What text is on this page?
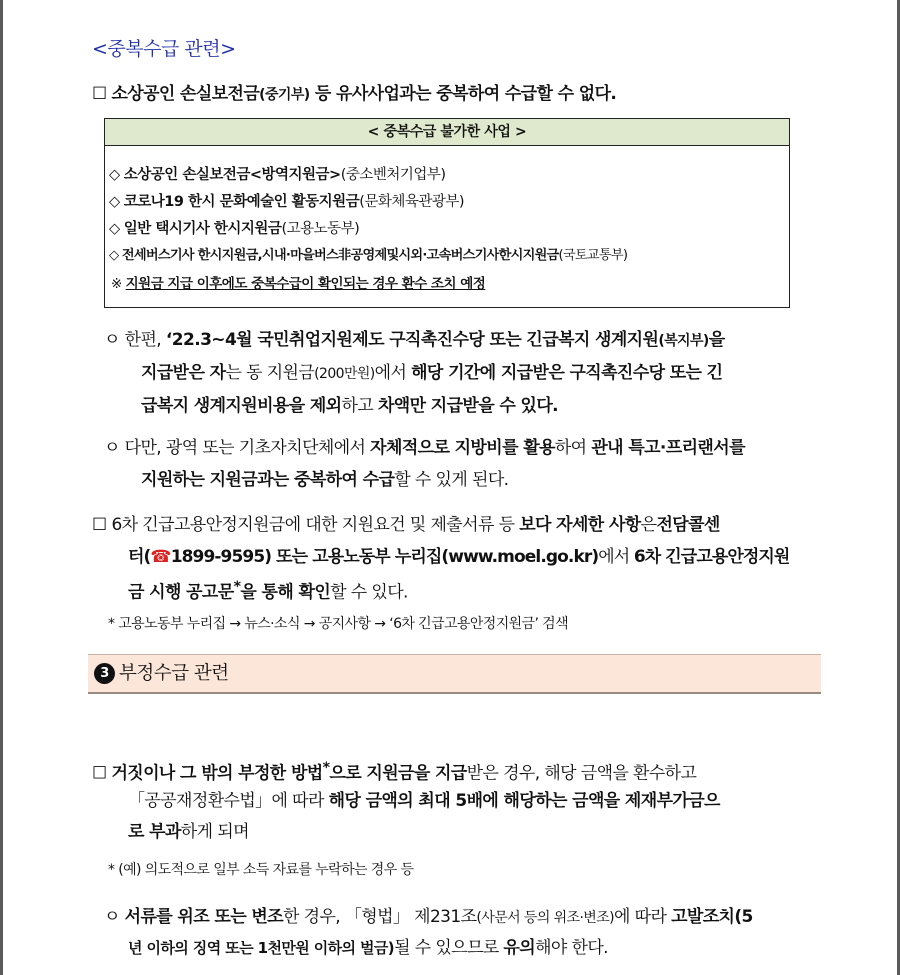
<중복수급 관련>
☐ 소상공인 손실보전금(중기부) 등 유사사업과는 중복하여 수급할 수 없다.
< 중복수급 불가한 사업 >
◇ 소상공인 손실보전금<방역지원금>(중소벤처기업부)
◇ 코로나19 한시 문화예술인 활동지원금(문화체육관광부)
◇ 일반 택시기사 한시지원금(고용노동부)
◇ 전세버스기사 한시지원금,시내·마을버스非공영제및시외·고속버스기사한시지원금(국토교통부)
※ 지원금 지급 이후에도 중복수급이 확인되는 경우 환수 조치 예정
ㅇ 한편, ‘22.3~4월 국민취업지원제도 구직촉진수당 또는 긴급복지 생계지원(복지부)을
지급받은 자는 동 지원금(200만원)에서 해당 기간에 지급받은 구직촉진수당 또는 긴
급복지 생계지원비용을 제외하고 차액만 지급받을 수 있다.
ㅇ 다만, 광역 또는 기초자치단체에서 자체적으로 지방비를 활용하여 관내 특고·프리랜서를
지원하는 지원금과는 중복하여 수급할 수 있게 된다.
☐ 6차 긴급고용안정지원금에 대한 지원요건 및 제출서류 등 보다 자세한 사항은전담콜센
터(☎1899-9595) 또는 고용노동부 누리집(www.moel.go.kr)에서 6차 긴급고용안정지원
금 시행 공고문*을 통해 확인할 수 있다.
* 고용노동부 누리집 → 뉴스·소식 → 공지사항 → ‘6차 긴급고용안정지원금’ 검색
3 부정수급 관련
☐ 거짓이나 그 밖의 부정한 방법*으로 지원금을 지급받은 경우, 해당 금액을 환수하고
「공공재정환수법」에 따라 해당 금액의 최대 5배에 해당하는 금액을 제재부가금으
로 부과하게 되며
* (예) 의도적으로 일부 소득 자료를 누락하는 경우 등
ㅇ 서류를 위조 또는 변조한 경우, 「형법」 제231조(사문서 등의 위조·변조)에 따라 고발조치(5
년 이하의 징역 또는 1천만원 이하의 벌금)될 수 있으므로 유의해야 한다.
